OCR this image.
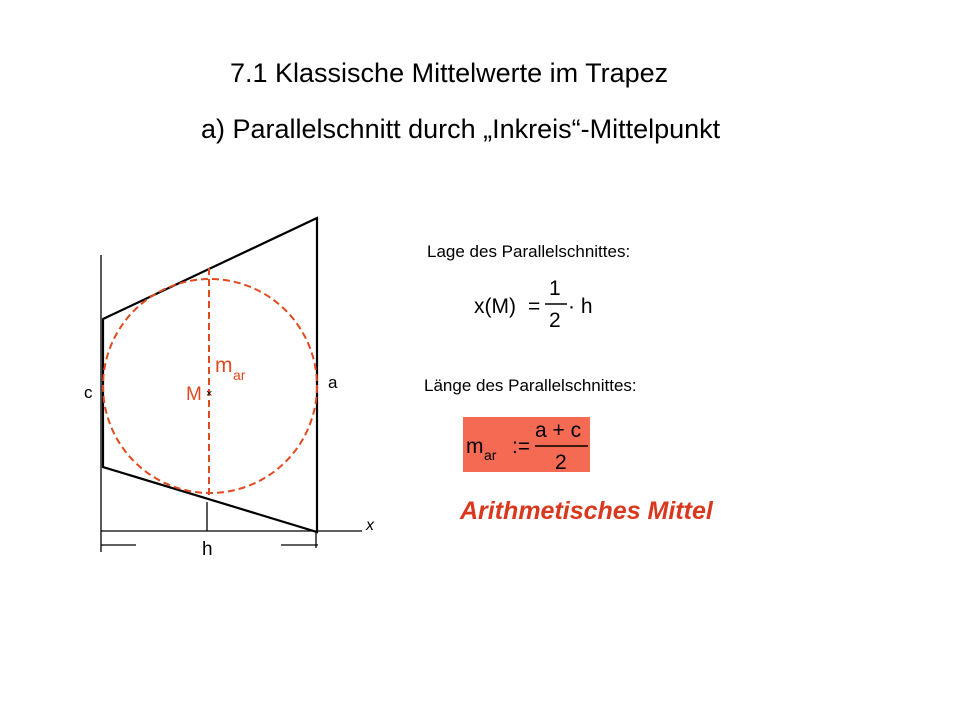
7.1 Klassische Mittelwerte im Trapez
a) Parallelschnitt durch „Inkreis“-Mittelpunkt
×
c
a
M
m ar
x
h
x(M) =
1
2
· h
m ar :=
a + c
2
Lage des Parallelschnittes:
Länge des Parallelschnittes:
Arithmetisches Mittel
